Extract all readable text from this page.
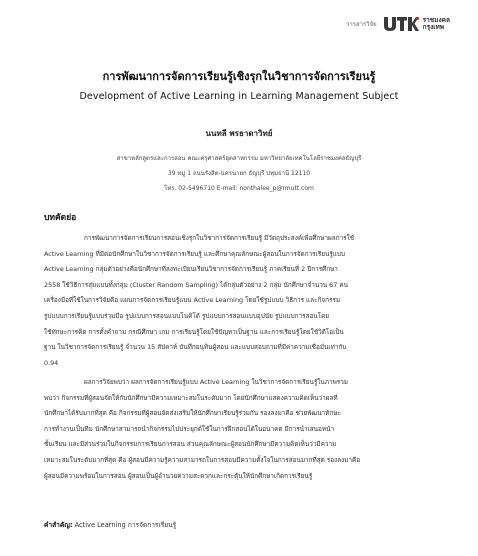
วารสารวิจัย
ราชมงคล
กรุงเทพ
การพัฒนาการจัดการเรียนรู้เชิงรุกในวิชาการจัดการเรียนรู้
Development of Active Learning in Learning Management Subject
นนทลี พรธาดาวิทย์
สาขาหลักสูตรและการสอน คณะครุศาสตร์อุตสาหกรรม มหาวิทยาลัยเทคโนโลยีราชมงคลธัญบุรี
39 หมู่ 1 ถนนรังสิต-นครนายก ธัญบุรี ปทุมธานี 12110
โทร. 02-5496710 E-mail: nonthalee_p@rmutt.com
บทคัดย่อ
การพัฒนาการจัดการเรียนการสอนเชิงรุกในวิชาการจัดการเรียนรู้ มีวัตถุประสงค์เพื่อศึกษาผลการใช้
Active Learning ที่มีต่อนักศึกษาในวิชาการจัดการเรียนรู้ และศึกษาคุณลักษณะผู้สอนในการจัดการเรียนรู้แบบ
Active Learning กลุ่มตัวอย่างคือนักศึกษาที่ลงทะเบียนเรียนวิชาการจัดการเรียนรู้ ภาคเรียนที่ 2 ปีการศึกษา
2558 ใช้วิธีการสุ่มแบบทั้งกลุ่ม (Cluster Random Sampling) ได้กลุ่มตัวอย่าง 2 กลุ่ม นักศึกษาจำนวน 67 คน
เครื่องมือที่ใช้ในการวิจัยคือ แผนการจัดการเรียนรู้แบบ Active Learning โดยใช้รูปแบบ วิธีการ และกิจกรรม
รูปแบบการเรียนรู้แบบร่วมมือ รูปแบบการสอนแบบโนคิโด้ รูปแบบการสอนแบบอุปนัย รูปแบบการสอนโดย
ใช้ทักษะการคิด การตั้งคำถาม กรณีศึกษา เกม การเรียนรู้โดยใช้ปัญหาเป็นฐาน และการเรียนรู้โดยใช้วิดีโอเป็น
ฐาน ในวิชาการจัดการเรียนรู้ จำนวน 15 สัปดาห์ บันทึกอนุทินผู้สอน และแบบสอบถามที่มีค่าความเชื่อมั่นเท่ากับ
0.94
ผลการวิจัยพบว่า ผลการจัดการเรียนรู้แบบ Active Learning ในวิชาการจัดการเรียนรู้ในภาพรวม
พบว่า กิจกรรมที่ผู้สอนจัดให้กับนักศึกษามีความเหมาะสมในระดับมาก โดยนักศึกษาแสดงความคิดเห็นว่าผลที่
นักศึกษาได้รับมากที่สุด คือ กิจกรรมที่ผู้สอนจัดส่งเสริมให้นักศึกษาเรียนรู้ร่วมกัน รองลงมาคือ ช่วยพัฒนาทักษะ
การทำงานเป็นทีม นักศึกษาสามารถนำกิจกรรมไปประยุกต์ใช้ในการฝึกสอนได้ในอนาคต มีการนำเสนอหน้า
ชั้นเรียน และมีส่วนร่วมในกิจกรรมการเรียนการสอน ส่วนคุณลักษณะผู้สอนนักศึกษามีความคิดเห็นว่ามีความ
เหมาะสมในระดับมากที่สุด คือ ผู้สอนมีความรู้ความสามารถในการสอนมีความตั้งใจในการสอนมากที่สุด รองลงมาคือ
ผู้สอนมีความพร้อมในการสอน ผู้สอนเป็นผู้อำนวยความสะดวกและกระตุ้นให้นักศึกษาเกิดการเรียนรู้
คำสำคัญ: Active Learning การจัดการเรียนรู้
